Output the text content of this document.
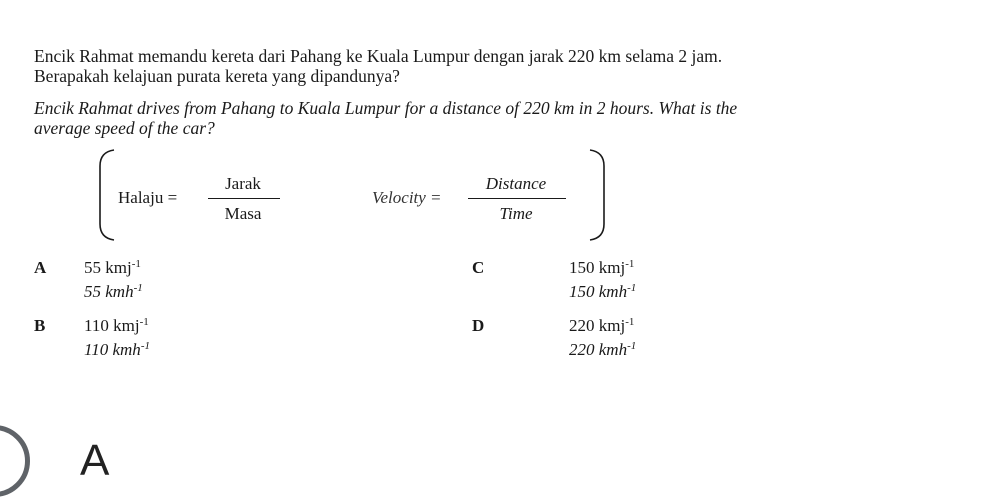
Encik Rahmat memandu kereta dari Pahang ke Kuala Lumpur dengan jarak 220 km selama 2 jam.
Berapakah kelajuan purata kereta yang dipandunya?
Encik Rahmat drives from Pahang to Kuala Lumpur for a distance of 220 km in 2 hours. What is the
average speed of the car?
Halaju =
Jarak
Masa
Velocity =
Distance
Time
A 55 kmj$^{-1}$
55 kmh$^{-1}$
B 110 kmj$^{-1}$
110 kmh$^{-1}$
C	150 kmj$^{-1}$
150 kmh$^{-1}$
D	220 kmj$^{-1}$
220 kmh$^{-1}$
A
